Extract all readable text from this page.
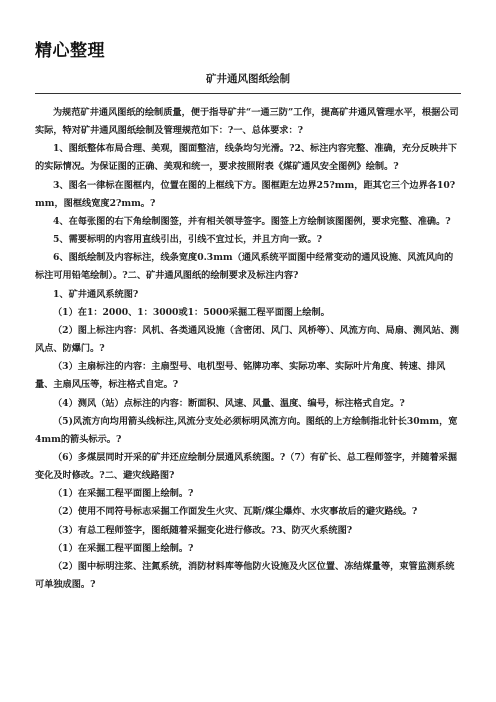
精心整理
矿井通风图纸绘制

为规范矿井通风图纸的绘制质量，便于指导矿井“一通三防”工作，提高矿井通风管理水平，根据公司实际，特对矿井通风图纸绘制及管理规范如下：?一、总体要求：?

1、图纸整体布局合理、美观，图面整洁，线条均匀光滑。?2、标注内容完整、准确，充分反映井下的实际情况。为保证图的正确、美观和统一，要求按照附表《煤矿通风安全图例》绘制。?

3、图名一律标在图框内，位置在图的上框线下方。图框距左边界25?mm，距其它三个边界各10?mm，图框线宽度2?mm。?

4、在每张图的右下角绘制图签，并有相关领导签字。图签上方绘制该图图例，要求完整、准确。?

5、需要标明的内容用直线引出，引线不宜过长，并且方向一致。?

6、图纸绘制及内容标注，线条宽度0.3mm（通风系统平面图中经常变动的通风设施、风流风向的标注可用铅笔绘制）。?二、矿井通风图纸的绘制要求及标注内容?

1、矿井通风系统图?

（1）在1：2000、1：3000或1：5000采掘工程平面图上绘制。

（2）图上标注内容：风机、各类通风设施（含密闭、风门、风桥等）、风流方向、局扇、测风站、测风点、防爆门。?

（3）主扇标注的内容：主扇型号、电机型号、铭牌功率、实际功率、实际叶片角度、转速、排风量、主扇风压等，标注格式自定。?

（4）测风（站）点标注的内容：断面积、风速、风量、温度、编号，标注格式自定。?

（5)风流方向均用箭头线标注,风流分支处必须标明风流方向。图纸的上方绘制指北针长30mm，宽4mm的箭头标示。?

（6）多煤层同时开采的矿井还应绘制分层通风系统图。?（7）有矿长、总工程师签字，并随着采掘变化及时修改。?二、避灾线路图?

（1）在采掘工程平面图上绘制。?

（2）使用不同符号标志采掘工作面发生火灾、瓦斯/煤尘爆炸、水灾事故后的避灾路线。?

（3）有总工程师签字，图纸随着采掘变化进行修改。?3、防灭火系统图?

（1）在采掘工程平面图上绘制。?

（2）图中标明注浆、注氮系统，消防材料库等他防火设施及火区位置、冻结煤量等，束管监测系统可单独成图。?
